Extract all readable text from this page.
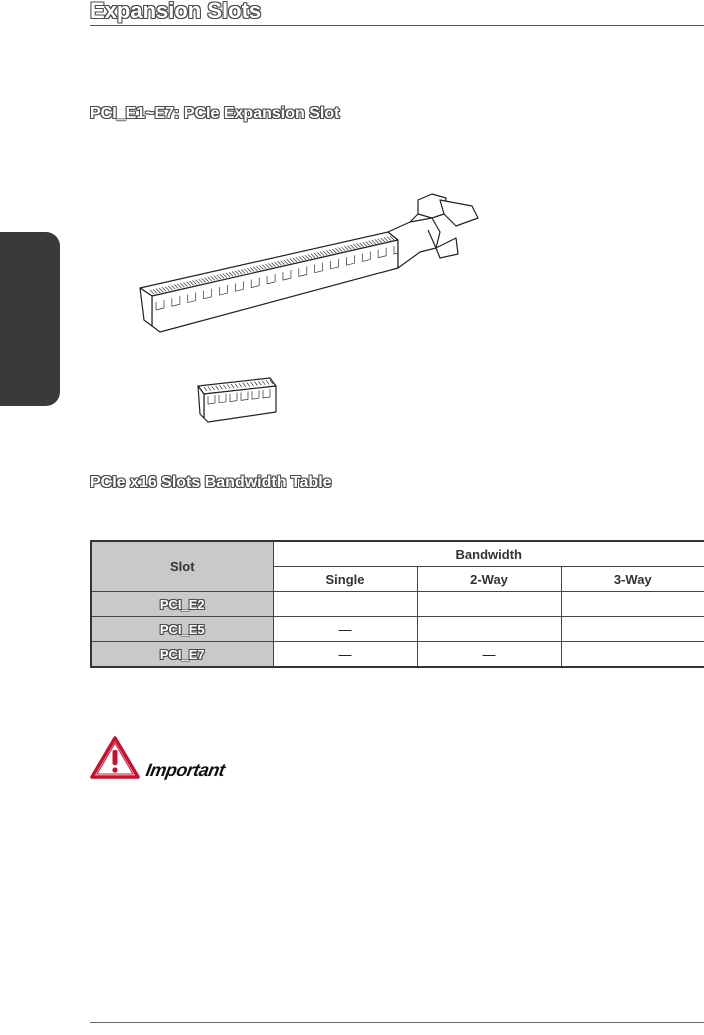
Expansion Slots
PCI_E1~E7: PCIe Expansion Slot
PCIe x16 Slots Bandwidth Table
Slot	Bandwidth		
	Single	2-Way	3-Way
PCI_E2			
PCI_E5	—		
PCI_E7	—	—	
Important
